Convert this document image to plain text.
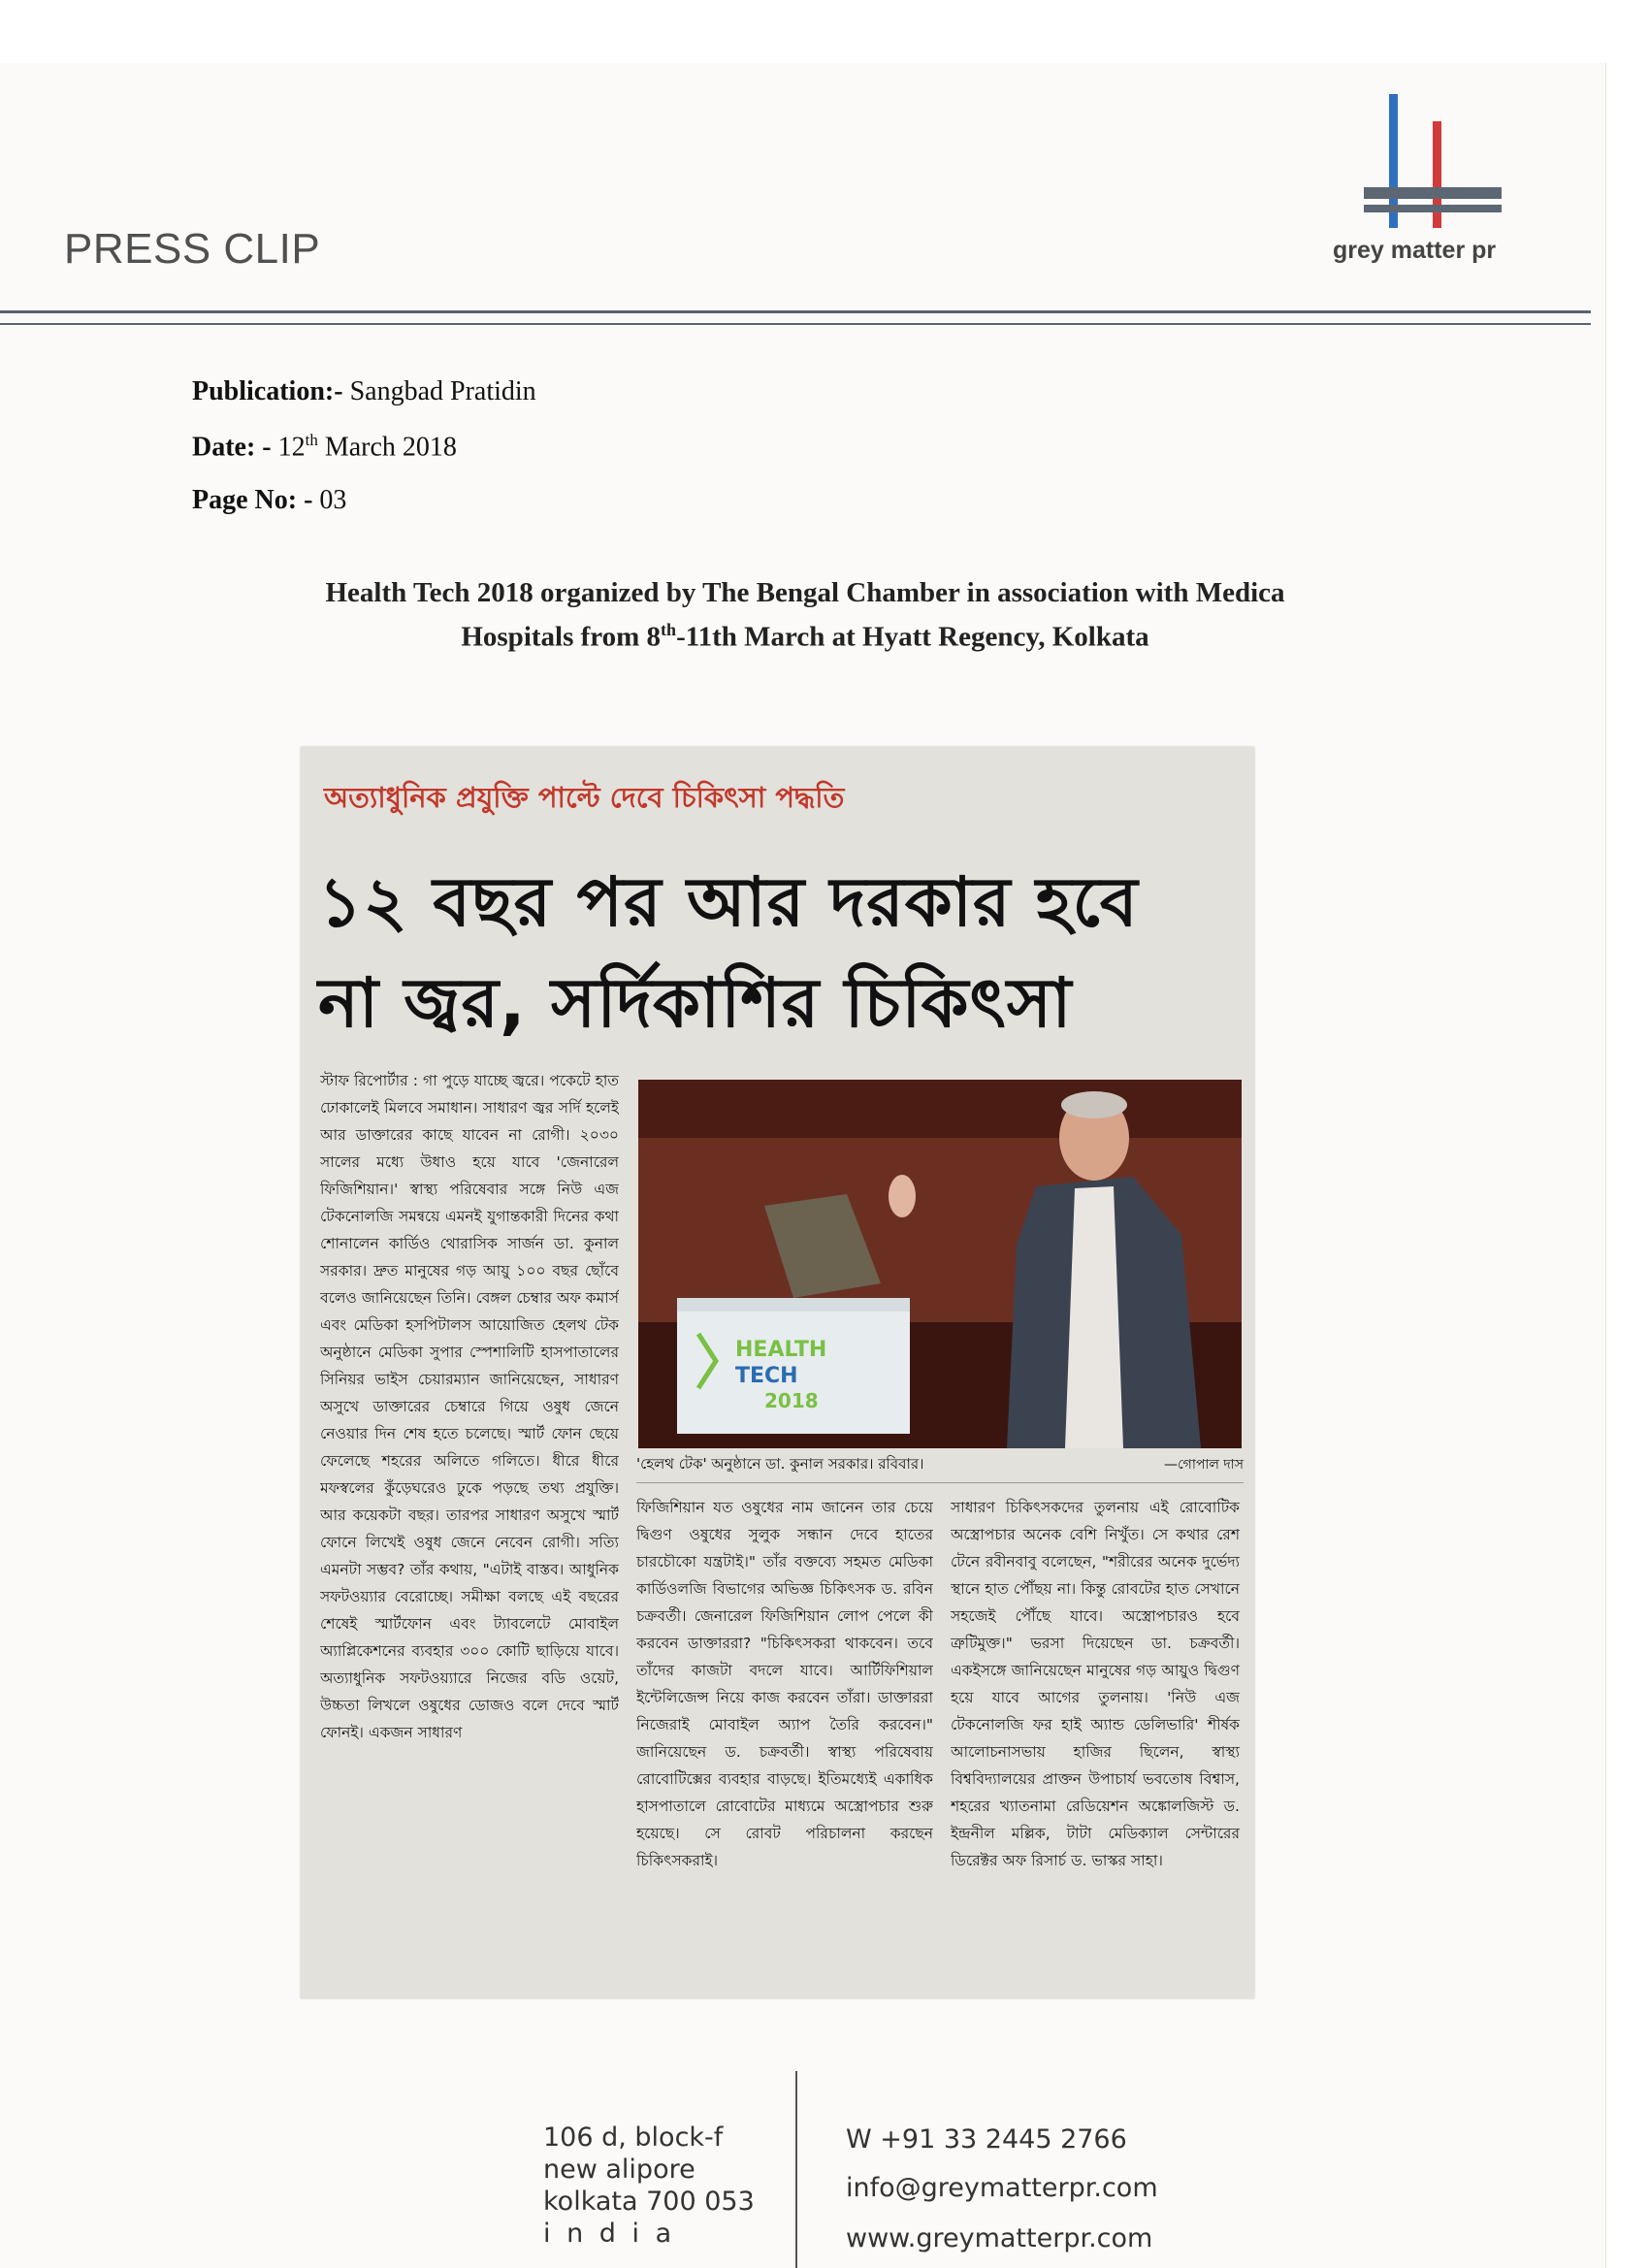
PRESS CLIP	grey matter pr
Publication:- Sangbad Pratidin
Date: - 12th March 2018
Page No: - 03
Health Tech 2018 organized by The Bengal Chamber in association with Medica
Hospitals from 8th-11th March at Hyatt Regency, Kolkata
অত্যাধুনিক প্রযুক্তি পাল্টে দেবে চিকিৎসা পদ্ধতি
১২ বছর পর আর দরকার হবে
না জ্বর, সর্দিকাশির চিকিৎসা
স্টাফ রিপোর্টার : গা পুড়ে যাচ্ছে জ্বরে। পকেটে হাত ঢোকালেই মিলবে সমাধান। সাধারণ জ্বর সর্দি হলেই আর ডাক্তারের কাছে যাবেন না রোগী। ২০৩০ সালের মধ্যে উধাও হয়ে যাবে 'জেনারেল ফিজিশিয়ান।' স্বাস্থ্য পরিষেবার সঙ্গে নিউ এজ টেকনোলজি সমন্বয়ে এমনই যুগান্তকারী দিনের কথা শোনালেন কার্ডিও থোরাসিক সার্জন ডা. কুনাল সরকার। দ্রুত মানুষের গড় আয়ু ১০০ বছর ছোঁবে বলেও জানিয়েছেন তিনি। বেঙ্গল চেম্বার অফ কমার্স এবং মেডিকা হসপিটালস আয়োজিত হেলথ টেক অনুষ্ঠানে মেডিকা সুপার স্পেশালিটি হাসপাতালের সিনিয়র ভাইস চেয়ারম্যান জানিয়েছেন, সাধারণ অসুখে ডাক্তারের চেম্বারে গিয়ে ওষুধ জেনে নেওয়ার দিন শেষ হতে চলেছে। স্মার্ট ফোন ছেয়ে ফেলেছে শহরের অলিতে গলিতে। ধীরে ধীরে মফস্বলের কুঁড়েঘরেও ঢুকে পড়ছে তথ্য প্রযুক্তি। আর কয়েকটা বছর। তারপর সাধারণ অসুখে স্মার্ট ফোনে লিখেই ওষুধ জেনে নেবেন রোগী। সত্যি এমনটা সম্ভব? তাঁর কথায়, "এটাই বাস্তব। আধুনিক সফটওয়্যার বেরোচ্ছে। সমীক্ষা বলছে এই বছরের শেষেই স্মার্টফোন এবং ট্যাবলেটে মোবাইল অ্যাপ্লিকেশনের ব্যবহার ৩০০ কোটি ছাড়িয়ে যাবে। অত্যাধুনিক সফটওয়্যারে নিজের বডি ওয়েট, উচ্চতা লিখলে ওষুধের ডোজও বলে দেবে স্মার্ট ফোনই। একজন সাধারণ
HEALTH
TECH
2018
'হেলথ টেক' অনুষ্ঠানে ডা. কুনাল সরকার। রবিবার।	—গোপাল দাস
ফিজিশিয়ান যত ওষুধের নাম জানেন তার চেয়ে দ্বিগুণ ওষুধের সুলুক সন্ধান দেবে হাতের চারচৌকো যন্ত্রটাই।" তাঁর বক্তব্যে সহমত মেডিকা কার্ডিওলজি বিভাগের অভিজ্ঞ চিকিৎসক ড. রবিন চক্রবর্তী। জেনারেল ফিজিশিয়ান লোপ পেলে কী করবেন ডাক্তাররা? "চিকিৎসকরা থাকবেন। তবে তাঁদের কাজটা বদলে যাবে। আর্টিফিশিয়াল ইন্টেলিজেন্স নিয়ে কাজ করবেন তাঁরা। ডাক্তাররা নিজেরাই মোবাইল অ্যাপ তৈরি করবেন।" জানিয়েছেন ড. চক্রবর্তী। স্বাস্থ্য পরিষেবায় রোবোটিক্সের ব্যবহার বাড়ছে। ইতিমধ্যেই একাধিক হাসপাতালে রোবোটের মাধ্যমে অস্ত্রোপচার শুরু হয়েছে। সে রোবট পরিচালনা করছেন চিকিৎসকরাই।
সাধারণ চিকিৎসকদের তুলনায় এই রোবোটিক অস্ত্রোপচার অনেক বেশি নিখুঁত। সে কথার রেশ টেনে রবীনবাবু বলেছেন, "শরীরের অনেক দুর্ভেদ্য স্থানে হাত পৌঁছয় না। কিন্তু রোবটের হাত সেখানে সহজেই পৌঁছে যাবে। অস্ত্রোপচারও হবে ত্রুটিমুক্ত।" ভরসা দিয়েছেন ডা. চক্রবর্তী। একইসঙ্গে জানিয়েছেন মানুষের গড় আয়ুও দ্বিগুণ হয়ে যাবে আগের তুলনায়। 'নিউ এজ টেকনোলজি ফর হাই অ্যান্ড ডেলিভারি' শীর্ষক আলোচনাসভায় হাজির ছিলেন, স্বাস্থ্য বিশ্ববিদ্যালয়ের প্রাক্তন উপাচার্য ভবতোষ বিশ্বাস, শহরের খ্যাতনামা রেডিয়েশন অঙ্কোলজিস্ট ড. ইন্দ্রনীল মল্লিক, টাটা মেডিক্যাল সেন্টারের ডিরেক্টর অফ রিসার্চ ড. ভাস্কর সাহা।
106 d, block-f
new alipore
kolkata 700 053
i n d i a
W +91 33 2445 2766
info@greymatterpr.com
www.greymatterpr.com
